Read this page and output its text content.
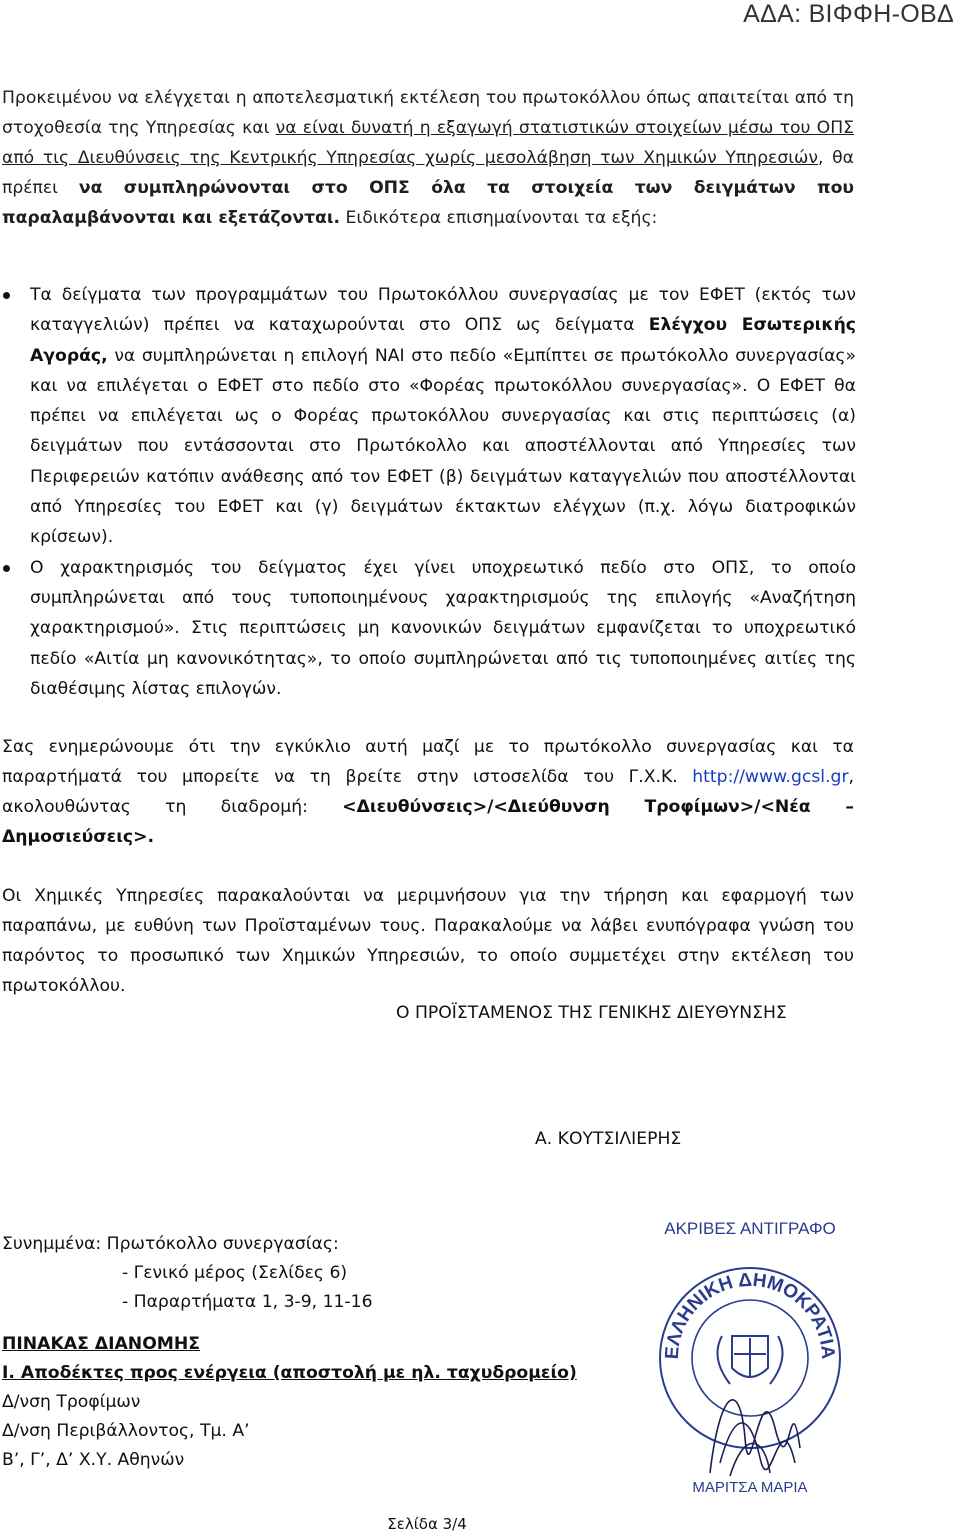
ΑΔΑ: ΒΙΦΦΗ-ΟΒΔ

Προκειμένου να ελέγχεται η αποτελεσματική εκτέλεση του πρωτοκόλλου όπως απαιτείται από τη στοχοθεσία της Υπηρεσίας και να είναι δυνατή η εξαγωγή στατιστικών στοιχείων μέσω του ΟΠΣ από τις Διευθύνσεις της Κεντρικής Υπηρεσίας χωρίς μεσολάβηση των Χημικών Υπηρεσιών, θα πρέπει να συμπληρώνονται στο ΟΠΣ όλα τα στοιχεία των δειγμάτων που παραλαμβάνονται και εξετάζονται. Ειδικότερα επισημαίνονται τα εξής:

Τα δείγματα των προγραμμάτων του Πρωτοκόλλου συνεργασίας με τον ΕΦΕΤ (εκτός των καταγγελιών) πρέπει να καταχωρούνται στο ΟΠΣ ως δείγματα Ελέγχου Εσωτερικής Αγοράς, να συμπληρώνεται η επιλογή ΝΑΙ στο πεδίο «Εμπίπτει σε πρωτόκολλο συνεργασίας» και να επιλέγεται ο ΕΦΕΤ στο πεδίο στο «Φορέας πρωτοκόλλου συνεργασίας». Ο ΕΦΕΤ θα πρέπει να επιλέγεται ως ο Φορέας πρωτοκόλλου συνεργασίας και στις περιπτώσεις (α) δειγμάτων που εντάσσονται στο Πρωτόκολλο και αποστέλλονται από Υπηρεσίες των Περιφερειών κατόπιν ανάθεσης από τον ΕΦΕΤ (β) δειγμάτων καταγγελιών που αποστέλλονται από Υπηρεσίες του ΕΦΕΤ και (γ) δειγμάτων έκτακτων ελέγχων (π.χ. λόγω διατροφικών κρίσεων).
Ο χαρακτηρισμός του δείγματος έχει γίνει υποχρεωτικό πεδίο στο ΟΠΣ, το οποίο συμπληρώνεται από τους τυποποιημένους χαρακτηρισμούς της επιλογής «Αναζήτηση χαρακτηρισμού». Στις περιπτώσεις μη κανονικών δειγμάτων εμφανίζεται το υποχρεωτικό πεδίο «Αιτία μη κανονικότητας», το οποίο συμπληρώνεται από τις τυποποιημένες αιτίες της διαθέσιμης λίστας επιλογών.

Σας ενημερώνουμε ότι την εγκύκλιο αυτή μαζί με το πρωτόκολλο συνεργασίας και τα παραρτήματά του μπορείτε να τη βρείτε στην ιστοσελίδα του Γ.Χ.Κ. http://www.gcsl.gr, ακολουθώντας τη διαδρομή: <Διευθύνσεις>/<Διεύθυνση Τροφίμων>/<Νέα – Δημοσιεύσεις>.

Οι Χημικές Υπηρεσίες παρακαλούνται να μεριμνήσουν για την τήρηση και εφαρμογή των παραπάνω, με ευθύνη των Προϊσταμένων τους. Παρακαλούμε να λάβει ενυπόγραφα γνώση του παρόντος το προσωπικό των Χημικών Υπηρεσιών, το οποίο συμμετέχει στην εκτέλεση του πρωτοκόλλου.

Ο ΠΡΟΪΣΤΑΜΕΝΟΣ ΤΗΣ ΓΕΝΙΚΗΣ ΔΙΕΥΘΥΝΣΗΣ
Α. ΚΟΥΤΣΙΛΙΕΡΗΣ
Συνημμένα: Πρωτόκολλο συνεργασίας:
- Γενικό μέρος (Σελίδες 6)
- Παραρτήματα 1, 3-9, 11-16
ΠΙΝΑΚΑΣ ΔΙΑΝΟΜΗΣ
Ι. Αποδέκτες προς ενέργεια (αποστολή με ηλ. ταχυδρομείο)
Δ/νση Τροφίμων
Δ/νση Περιβάλλοντος, Τμ. Α’
Β’, Γ’, Δ’ Χ.Υ. Αθηνών
ΑΚΡΙΒΕΣ ΑΝΤΙΓΡΑΦΟ
ΕΛΛΗΝΙΚΗ ΔΗΜΟΚΡΑΤΙΑ
ΜΑΡΙΤΣΑ ΜΑΡΙΑ
Σελίδα 3/4
